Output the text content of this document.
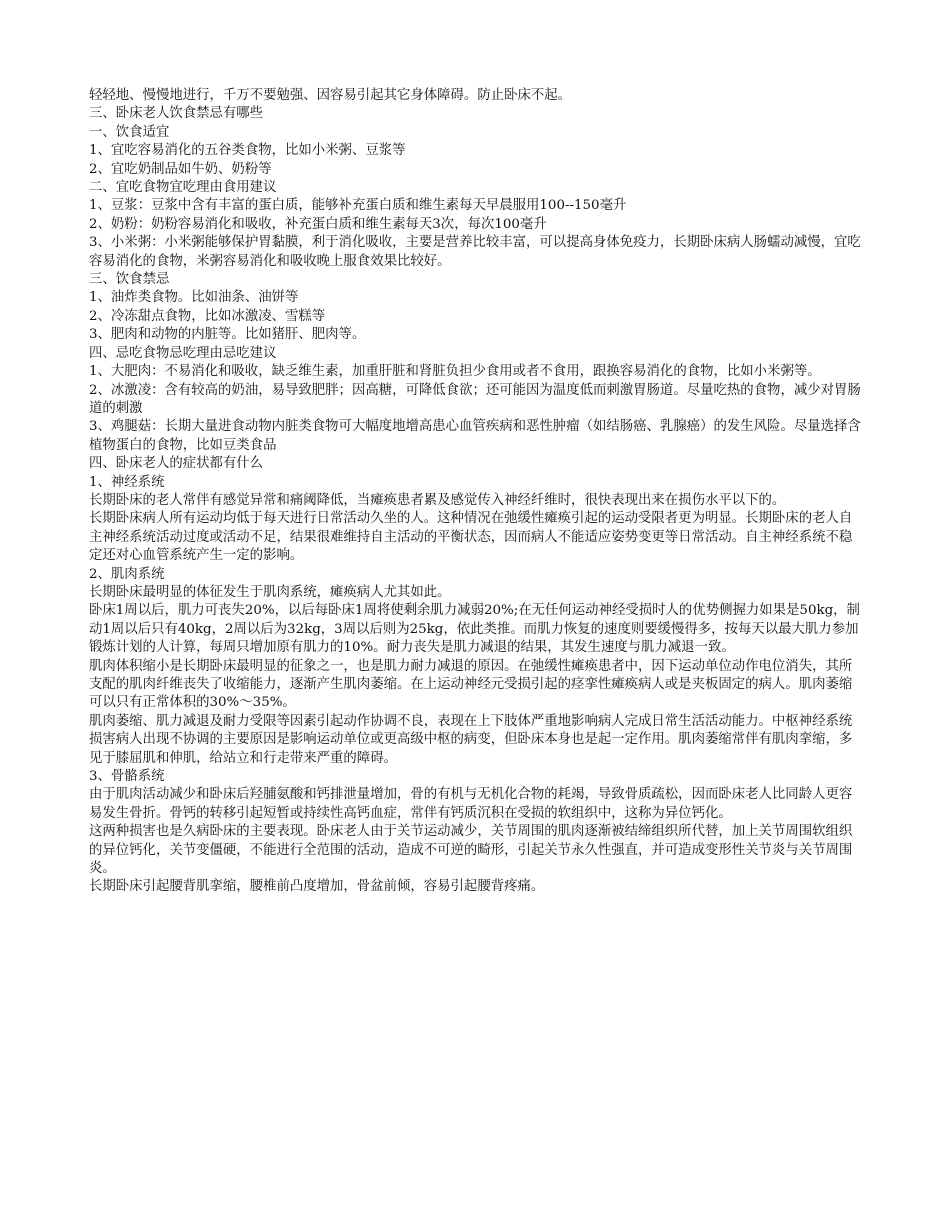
轻轻地、慢慢地进行，千万不要勉强、因容易引起其它身体障碍。防止卧床不起。

三、卧床老人饮食禁忌有哪些

一、饮食适宜

1、宜吃容易消化的五谷类食物，比如小米粥、豆浆等

2、宜吃奶制品如牛奶、奶粉等

二、宜吃食物宜吃理由食用建议

1、豆浆：豆浆中含有丰富的蛋白质，能够补充蛋白质和维生素每天早晨服用100--150毫升

2、奶粉：奶粉容易消化和吸收，补充蛋白质和维生素每天3次，每次100毫升

3、小米粥：小米粥能够保护胃黏膜，利于消化吸收，主要是营养比较丰富，可以提高身体免疫力，长期卧床病人肠蠕动减慢，宜吃容易消化的食物，米粥容易消化和吸收晚上服食效果比较好。

三、饮食禁忌

1、油炸类食物。比如油条、油饼等

2、冷冻甜点食物，比如冰激凌、雪糕等

3、肥肉和动物的内脏等。比如猪肝、肥肉等。

四、忌吃食物忌吃理由忌吃建议

1、大肥肉：不易消化和吸收，缺乏维生素，加重肝脏和肾脏负担少食用或者不食用，跟换容易消化的食物，比如小米粥等。

2、冰激凌：含有较高的奶油，易导致肥胖；因高糖，可降低食欲；还可能因为温度低而刺激胃肠道。尽量吃热的食物，减少对胃肠道的刺激

3、鸡腿菇：长期大量进食动物内脏类食物可大幅度地增高患心血管疾病和恶性肿瘤（如结肠癌、乳腺癌）的发生风险。尽量选择含植物蛋白的食物，比如豆类食品

四、卧床老人的症状都有什么

1、神经系统

长期卧床的老人常伴有感觉异常和痛阈降低，当瘫痪患者累及感觉传入神经纤维时，很快表现出来在损伤水平以下的。

长期卧床病人所有运动均低于每天进行日常活动久坐的人。这种情况在弛缓性瘫痪引起的运动受限者更为明显。长期卧床的老人自主神经系统活动过度或活动不足，结果很难维持自主活动的平衡状态，因而病人不能适应姿势变更等日常活动。自主神经系统不稳定还对心血管系统产生一定的影响。

2、肌肉系统

长期卧床最明显的体征发生于肌肉系统，瘫痪病人尤其如此。

卧床1周以后，肌力可丧失20%，以后每卧床1周将使剩余肌力减弱20%;在无任何运动神经受损时人的优势侧握力如果是50kg，制动1周以后只有40kg，2周以后为32kg，3周以后则为25kg，依此类推。而肌力恢复的速度则要缓慢得多，按每天以最大肌力参加锻炼计划的人计算，每周只增加原有肌力的10%。耐力丧失是肌力减退的结果，其发生速度与肌力减退一致。

肌肉体积缩小是长期卧床最明显的征象之一，也是肌力耐力减退的原因。在弛缓性瘫痪患者中，因下运动单位动作电位消失，其所支配的肌肉纤维丧失了收缩能力，逐渐产生肌肉萎缩。在上运动神经元受损引起的痉挛性瘫痪病人或是夹板固定的病人。肌肉萎缩可以只有正常体积的30%～35%。

肌肉萎缩、肌力减退及耐力受限等因素引起动作协调不良，表现在上下肢体严重地影响病人完成日常生活活动能力。中枢神经系统损害病人出现不协调的主要原因是影响运动单位或更高级中枢的病变，但卧床本身也是起一定作用。肌肉萎缩常伴有肌肉挛缩，多见于膝屈肌和伸肌，给站立和行走带来严重的障碍。

3、骨骼系统

由于肌肉活动减少和卧床后羟脯氨酸和钙排泄量增加，骨的有机与无机化合物的耗竭，导致骨质疏松，因而卧床老人比同龄人更容易发生骨折。骨钙的转移引起短暂或持续性高钙血症，常伴有钙质沉积在受损的软组织中，这称为异位钙化。

这两种损害也是久病卧床的主要表现。卧床老人由于关节运动减少，关节周围的肌肉逐渐被结缔组织所代替，加上关节周围软组织的异位钙化，关节变僵硬，不能进行全范围的活动，造成不可逆的畸形，引起关节永久性强直，并可造成变形性关节炎与关节周围炎。

长期卧床引起腰背肌挛缩，腰椎前凸度增加，骨盆前倾，容易引起腰背疼痛。
